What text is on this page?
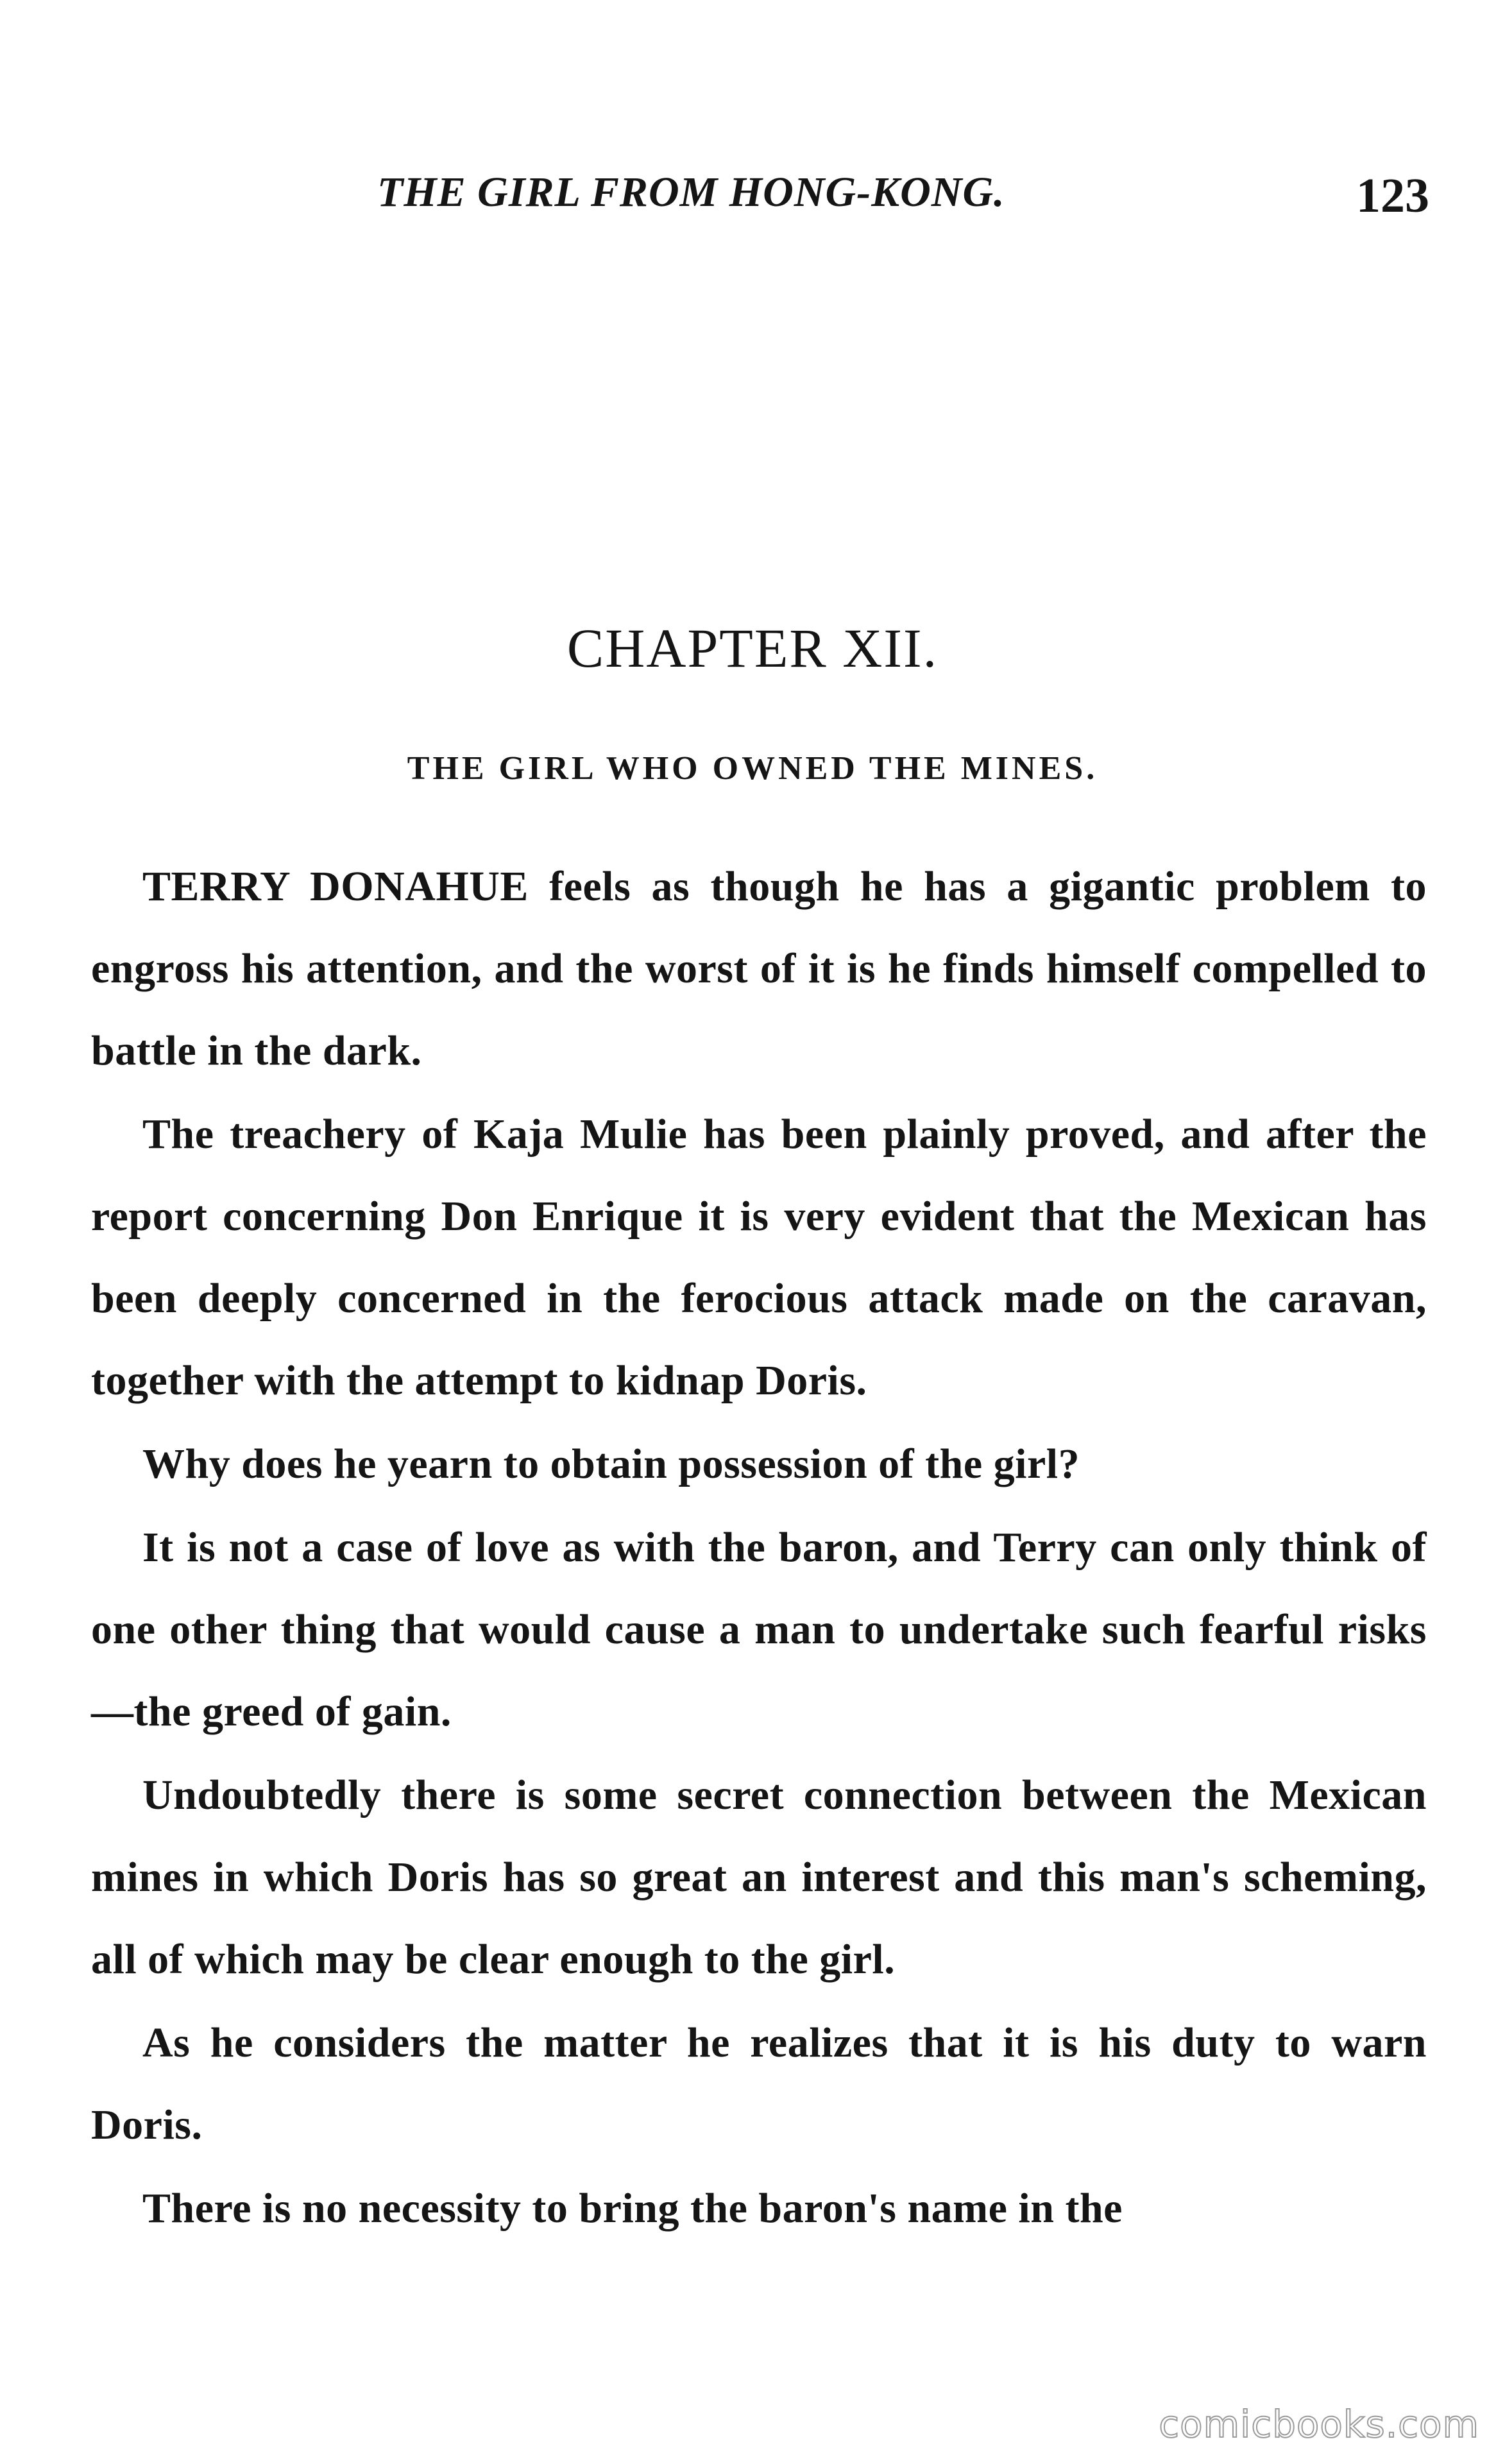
THE GIRL FROM HONG-KONG.	123
CHAPTER XII.
THE GIRL WHO OWNED THE MINES.

TERRY DONAHUE feels as though he has a gigantic problem to engross his attention, and the worst of it is he finds himself compelled to battle in the dark.

The treachery of Kaja Mulie has been plainly proved, and after the report concerning Don Enrique it is very evident that the Mexican has been deeply concerned in the ferocious attack made on the caravan, together with the attempt to kidnap Doris.

Why does he yearn to obtain possession of the girl?

It is not a case of love as with the baron, and Terry can only think of one other thing that would cause a man to undertake such fearful risks—the greed of gain.

Undoubtedly there is some secret connection between the Mexican mines in which Doris has so great an interest and this man's scheming, all of which may be clear enough to the girl.

As he considers the matter he realizes that it is his duty to warn Doris.

There is no necessity to bring the baron's name in the

comicbooks.com
